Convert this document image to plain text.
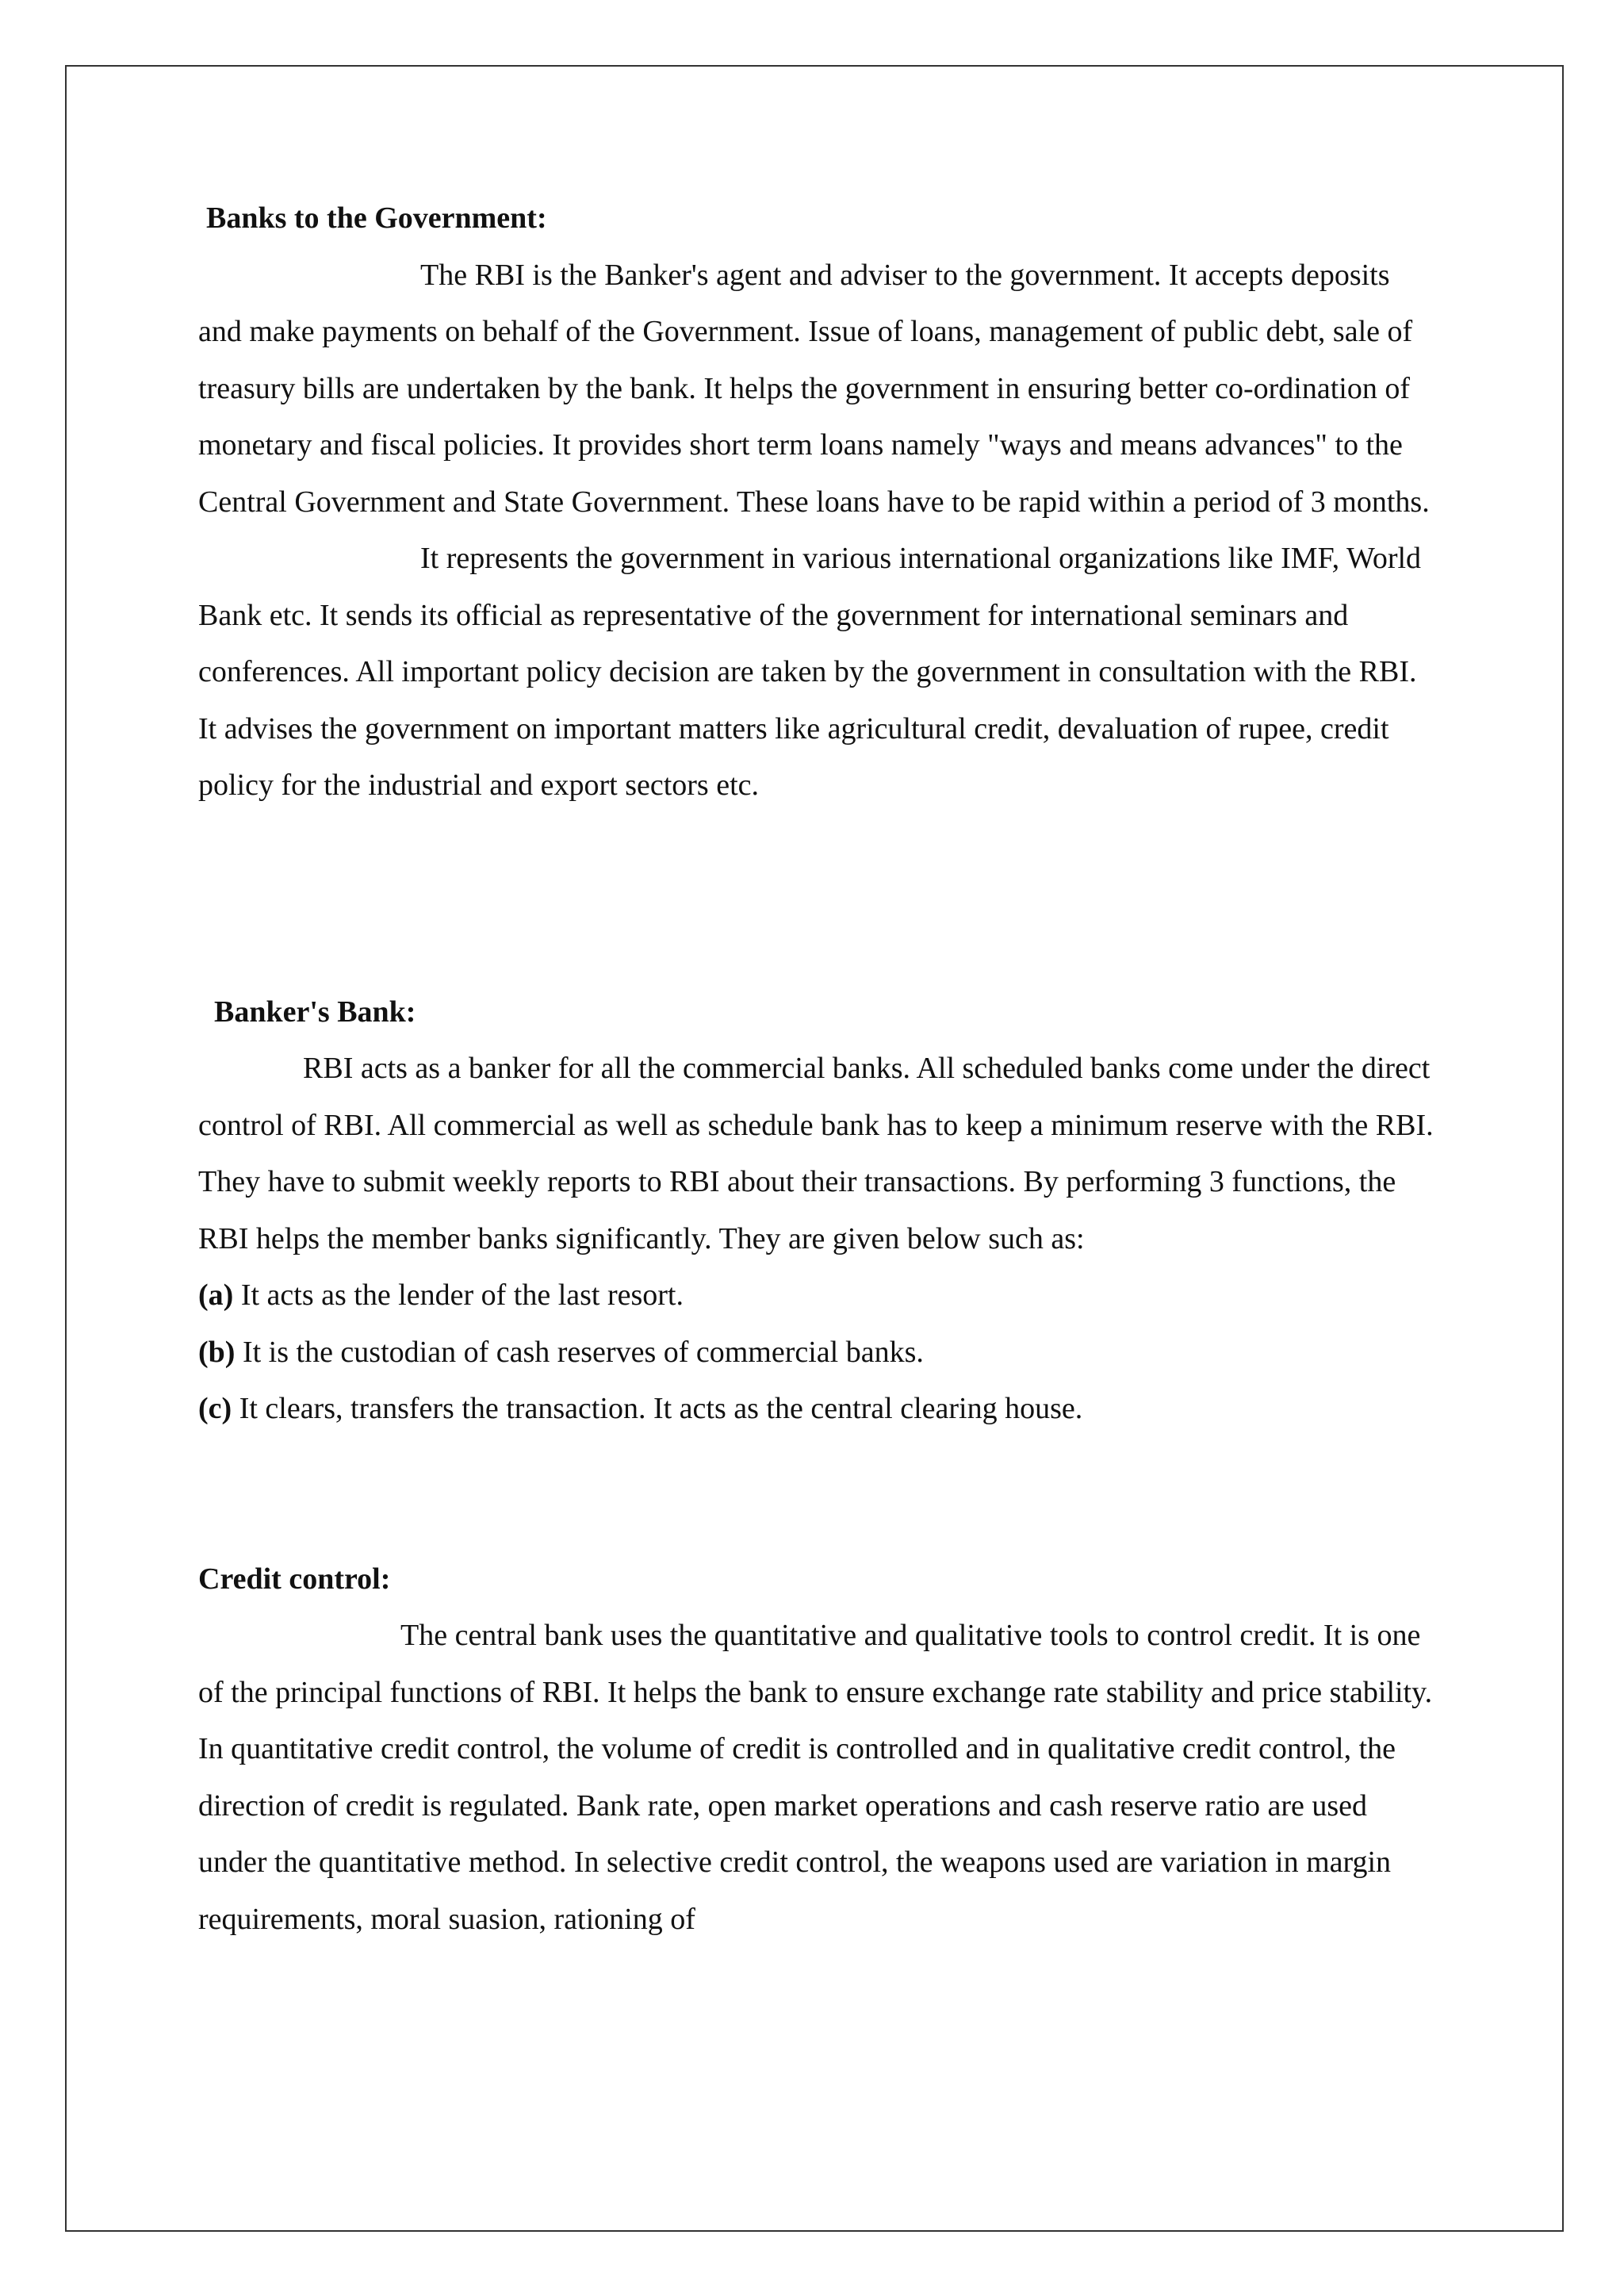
Banks to the Government:

The RBI is the Banker's agent and adviser to the government. It accepts deposits and make payments on behalf of the Government. Issue of loans, management of public debt, sale of treasury bills are undertaken by the bank. It helps the government in ensuring better co-ordination of monetary and fiscal policies. It provides short term loans namely "ways and means advances" to the Central Government and State Government. These loans have to be rapid within a period of 3 months.

It represents the government in various international organizations like IMF, World Bank etc. It sends its official as representative of the government for international seminars and conferences. All important policy decision are taken by the government in consultation with the RBI. It advises the government on important matters like agricultural credit, devaluation of rupee, credit policy for the industrial and export sectors etc.

Banker's Bank:

RBI acts as a banker for all the commercial banks. All scheduled banks come under the direct control of RBI. All commercial as well as schedule bank has to keep a minimum reserve with the RBI. They have to submit weekly reports to RBI about their transactions. By performing 3 functions, the RBI helps the member banks significantly. They are given below such as:

(a) It acts as the lender of the last resort.

(b) It is the custodian of cash reserves of commercial banks.

(c) It clears, transfers the transaction. It acts as the central clearing house.

Credit control:

The central bank uses the quantitative and qualitative tools to control credit. It is one of the principal functions of RBI. It helps the bank to ensure exchange rate stability and price stability. In quantitative credit control, the volume of credit is controlled and in qualitative credit control, the direction of credit is regulated. Bank rate, open market operations and cash reserve ratio are used under the quantitative method. In selective credit control, the weapons used are variation in margin requirements, moral suasion, rationing of
